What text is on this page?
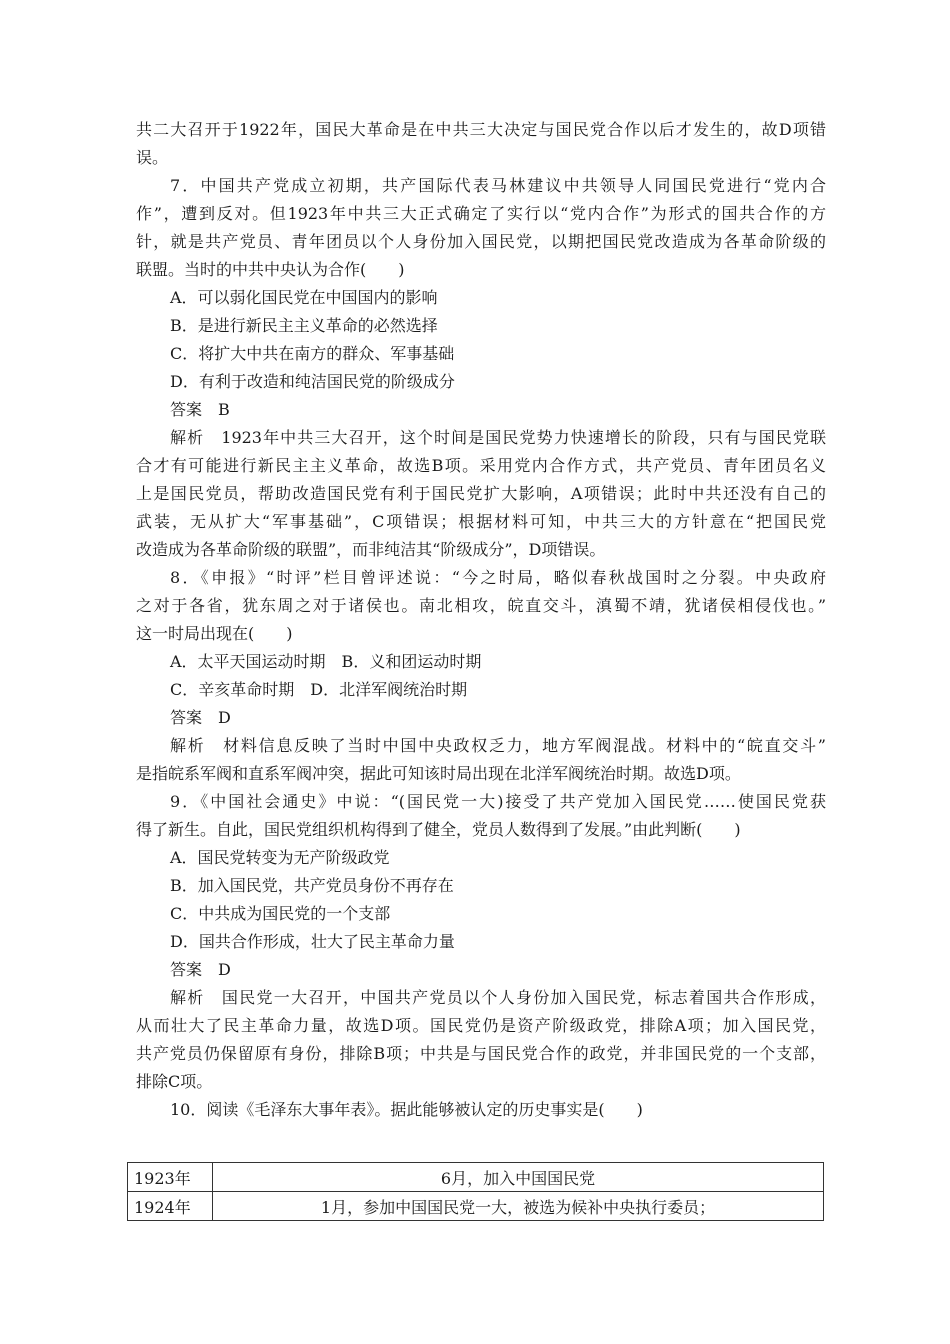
共二大召开于1922年，国民大革命是在中共三大决定与国民党合作以后才发生的，故D项错
误。
7．中国共产党成立初期，共产国际代表马林建议中共领导人同国民党进行“党内合
作”，遭到反对。但1923年中共三大正式确定了实行以“党内合作”为形式的国共合作的方
针，就是共产党员、青年团员以个人身份加入国民党，以期把国民党改造成为各革命阶级的
联盟。当时的中共中央认为合作(　　)
A．可以弱化国民党在中国国内的影响
B．是进行新民主主义革命的必然选择
C．将扩大中共在南方的群众、军事基础
D．有利于改造和纯洁国民党的阶级成分
答案　B
解析　1923年中共三大召开，这个时间是国民党势力快速增长的阶段，只有与国民党联
合才有可能进行新民主主义革命，故选B项。采用党内合作方式，共产党员、青年团员名义
上是国民党员，帮助改造国民党有利于国民党扩大影响，A项错误；此时中共还没有自己的
武装，无从扩大“军事基础”，C项错误；根据材料可知，中共三大的方针意在“把国民党
改造成为各革命阶级的联盟”，而非纯洁其“阶级成分”，D项错误。
8．《申报》“时评”栏目曾评述说：“今之时局，略似春秋战国时之分裂。中央政府
之对于各省，犹东周之对于诸侯也。南北相攻，皖直交斗，滇蜀不靖，犹诸侯相侵伐也。”
这一时局出现在(　　)
A．太平天国运动时期　B．义和团运动时期
C．辛亥革命时期　D．北洋军阀统治时期
答案　D
解析　材料信息反映了当时中国中央政权乏力，地方军阀混战。材料中的“皖直交斗”
是指皖系军阀和直系军阀冲突，据此可知该时局出现在北洋军阀统治时期。故选D项。
9．《中国社会通史》中说：“(国民党一大)接受了共产党加入国民党……使国民党获
得了新生。自此，国民党组织机构得到了健全，党员人数得到了发展。”由此判断(　　)
A．国民党转变为无产阶级政党
B．加入国民党，共产党员身份不再存在
C．中共成为国民党的一个支部
D．国共合作形成，壮大了民主革命力量
答案　D
解析　国民党一大召开，中国共产党员以个人身份加入国民党，标志着国共合作形成，
从而壮大了民主革命力量，故选D项。国民党仍是资产阶级政党，排除A项；加入国民党，
共产党员仍保留原有身份，排除B项；中共是与国民党合作的政党，并非国民党的一个支部，
排除C项。
10．阅读《毛泽东大事年表》。据此能够被认定的历史事实是(　　)
1923年	6月，加入中国国民党
1924年	1月，参加中国国民党一大，被选为候补中央执行委员；
